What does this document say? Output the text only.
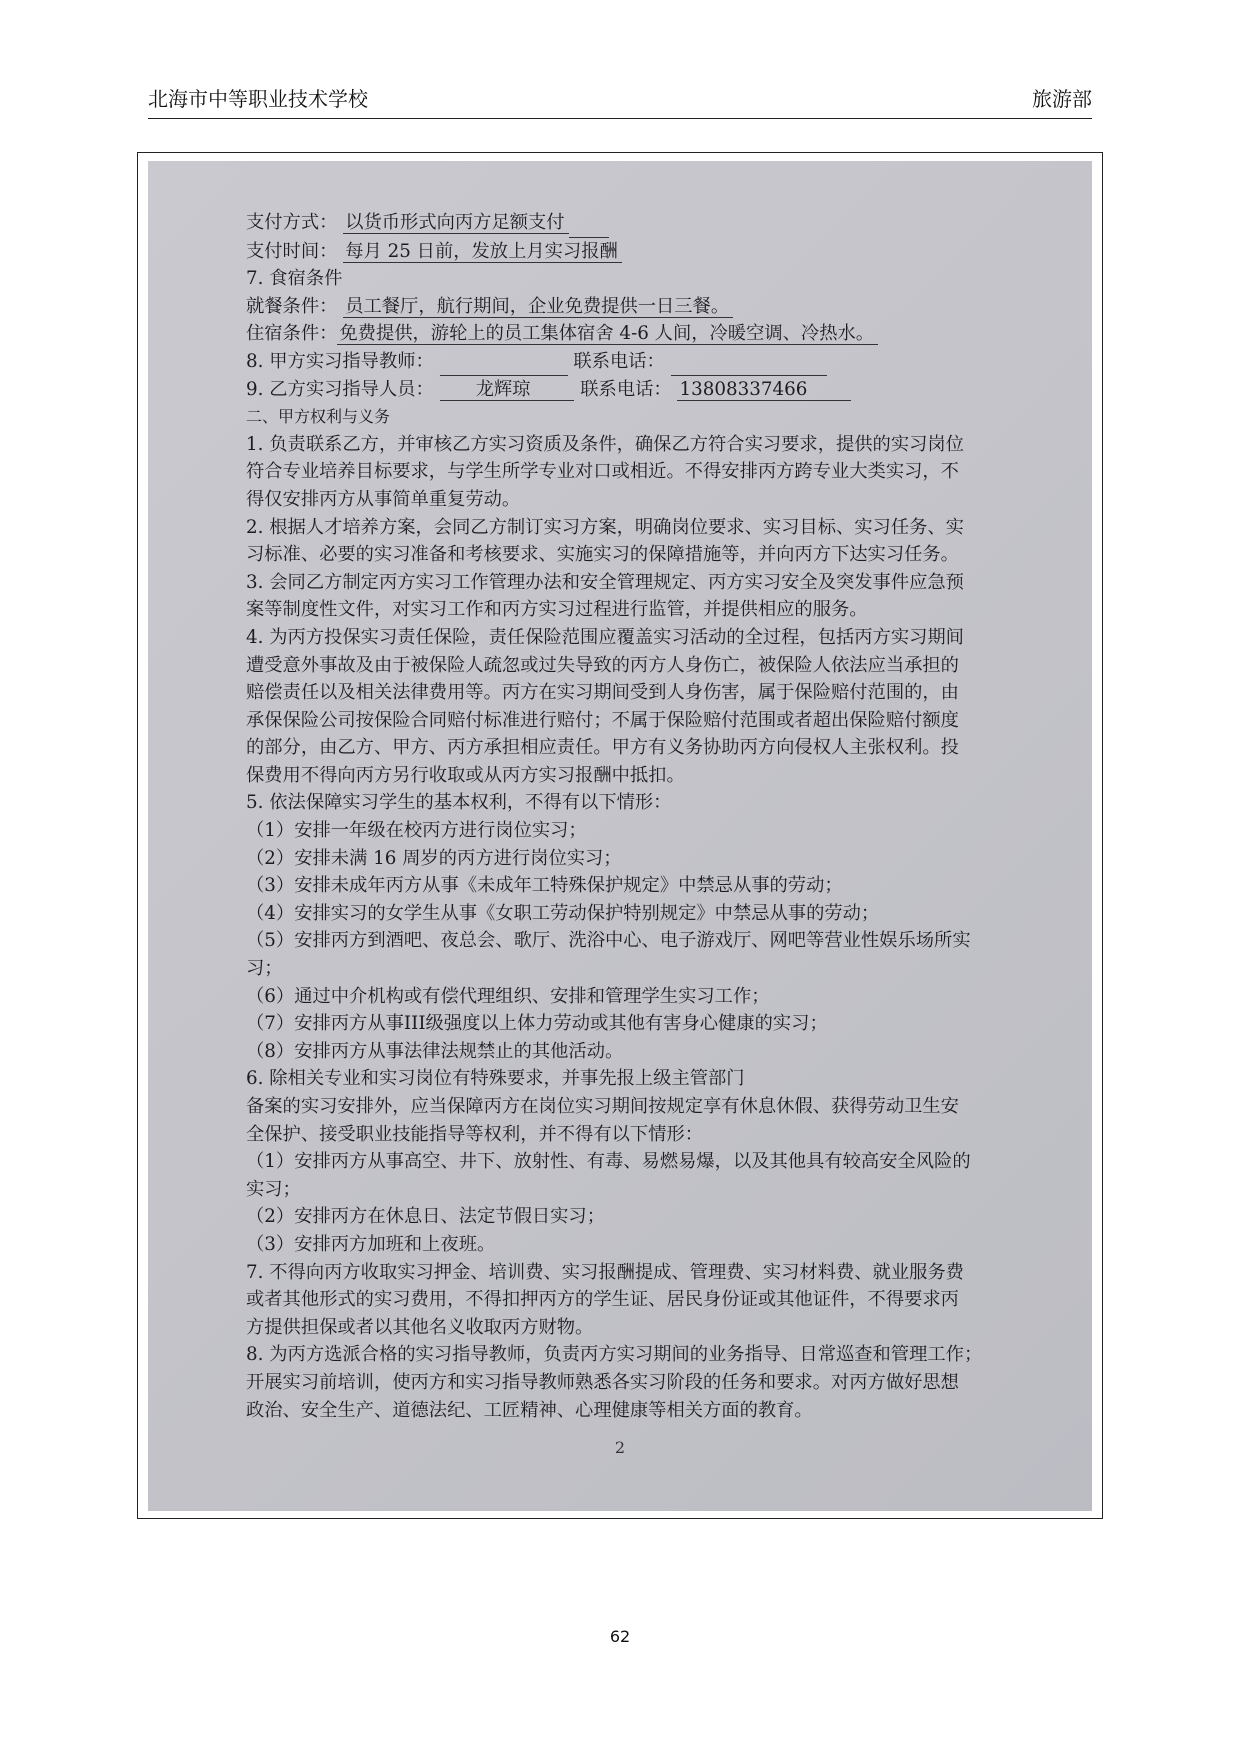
北海市中等职业技术学校	旅游部
支付方式： 以货币形式向丙方足额支付
支付时间： 每月 25 日前，发放上月实习报酬
7. 食宿条件
就餐条件： 员工餐厅，航行期间，企业免费提供一日三餐。
住宿条件： 免费提供，游轮上的员工集体宿舍 4-6 人间，冷暖空调、冷热水。
8. 甲方实习指导教师：	联系电话：
9. 乙方实习指导人员： 龙辉琼	联系电话： 13808337466
二、甲方权利与义务
1. 负责联系乙方，并审核乙方实习资质及条件，确保乙方符合实习要求，提供的实习岗位
符合专业培养目标要求，与学生所学专业对口或相近。不得安排丙方跨专业大类实习，不
得仅安排丙方从事简单重复劳动。
2. 根据人才培养方案，会同乙方制订实习方案，明确岗位要求、实习目标、实习任务、实
习标准、必要的实习准备和考核要求、实施实习的保障措施等，并向丙方下达实习任务。
3. 会同乙方制定丙方实习工作管理办法和安全管理规定、丙方实习安全及突发事件应急预
案等制度性文件，对实习工作和丙方实习过程进行监管，并提供相应的服务。
4. 为丙方投保实习责任保险，责任保险范围应覆盖实习活动的全过程，包括丙方实习期间
遭受意外事故及由于被保险人疏忽或过失导致的丙方人身伤亡，被保险人依法应当承担的
赔偿责任以及相关法律费用等。丙方在实习期间受到人身伤害，属于保险赔付范围的，由
承保保险公司按保险合同赔付标准进行赔付；不属于保险赔付范围或者超出保险赔付额度
的部分，由乙方、甲方、丙方承担相应责任。甲方有义务协助丙方向侵权人主张权利。投
保费用不得向丙方另行收取或从丙方实习报酬中抵扣。
5. 依法保障实习学生的基本权利，不得有以下情形：
（1）安排一年级在校丙方进行岗位实习；
（2）安排未满 16 周岁的丙方进行岗位实习；
（3）安排未成年丙方从事《未成年工特殊保护规定》中禁忌从事的劳动；
（4）安排实习的女学生从事《女职工劳动保护特别规定》中禁忌从事的劳动；
（5）安排丙方到酒吧、夜总会、歌厅、洗浴中心、电子游戏厅、网吧等营业性娱乐场所实
习；
（6）通过中介机构或有偿代理组织、安排和管理学生实习工作；
（7）安排丙方从事III级强度以上体力劳动或其他有害身心健康的实习；
（8）安排丙方从事法律法规禁止的其他活动。
6. 除相关专业和实习岗位有特殊要求，并事先报上级主管部门
备案的实习安排外，应当保障丙方在岗位实习期间按规定享有休息休假、获得劳动卫生安
全保护、接受职业技能指导等权利，并不得有以下情形：
（1）安排丙方从事高空、井下、放射性、有毒、易燃易爆，以及其他具有较高安全风险的
实习；
（2）安排丙方在休息日、法定节假日实习；
（3）安排丙方加班和上夜班。
7. 不得向丙方收取实习押金、培训费、实习报酬提成、管理费、实习材料费、就业服务费
或者其他形式的实习费用，不得扣押丙方的学生证、居民身份证或其他证件，不得要求丙
方提供担保或者以其他名义收取丙方财物。
8. 为丙方选派合格的实习指导教师，负责丙方实习期间的业务指导、日常巡查和管理工作；
开展实习前培训，使丙方和实习指导教师熟悉各实习阶段的任务和要求。对丙方做好思想
政治、安全生产、道德法纪、工匠精神、心理健康等相关方面的教育。
2
62
